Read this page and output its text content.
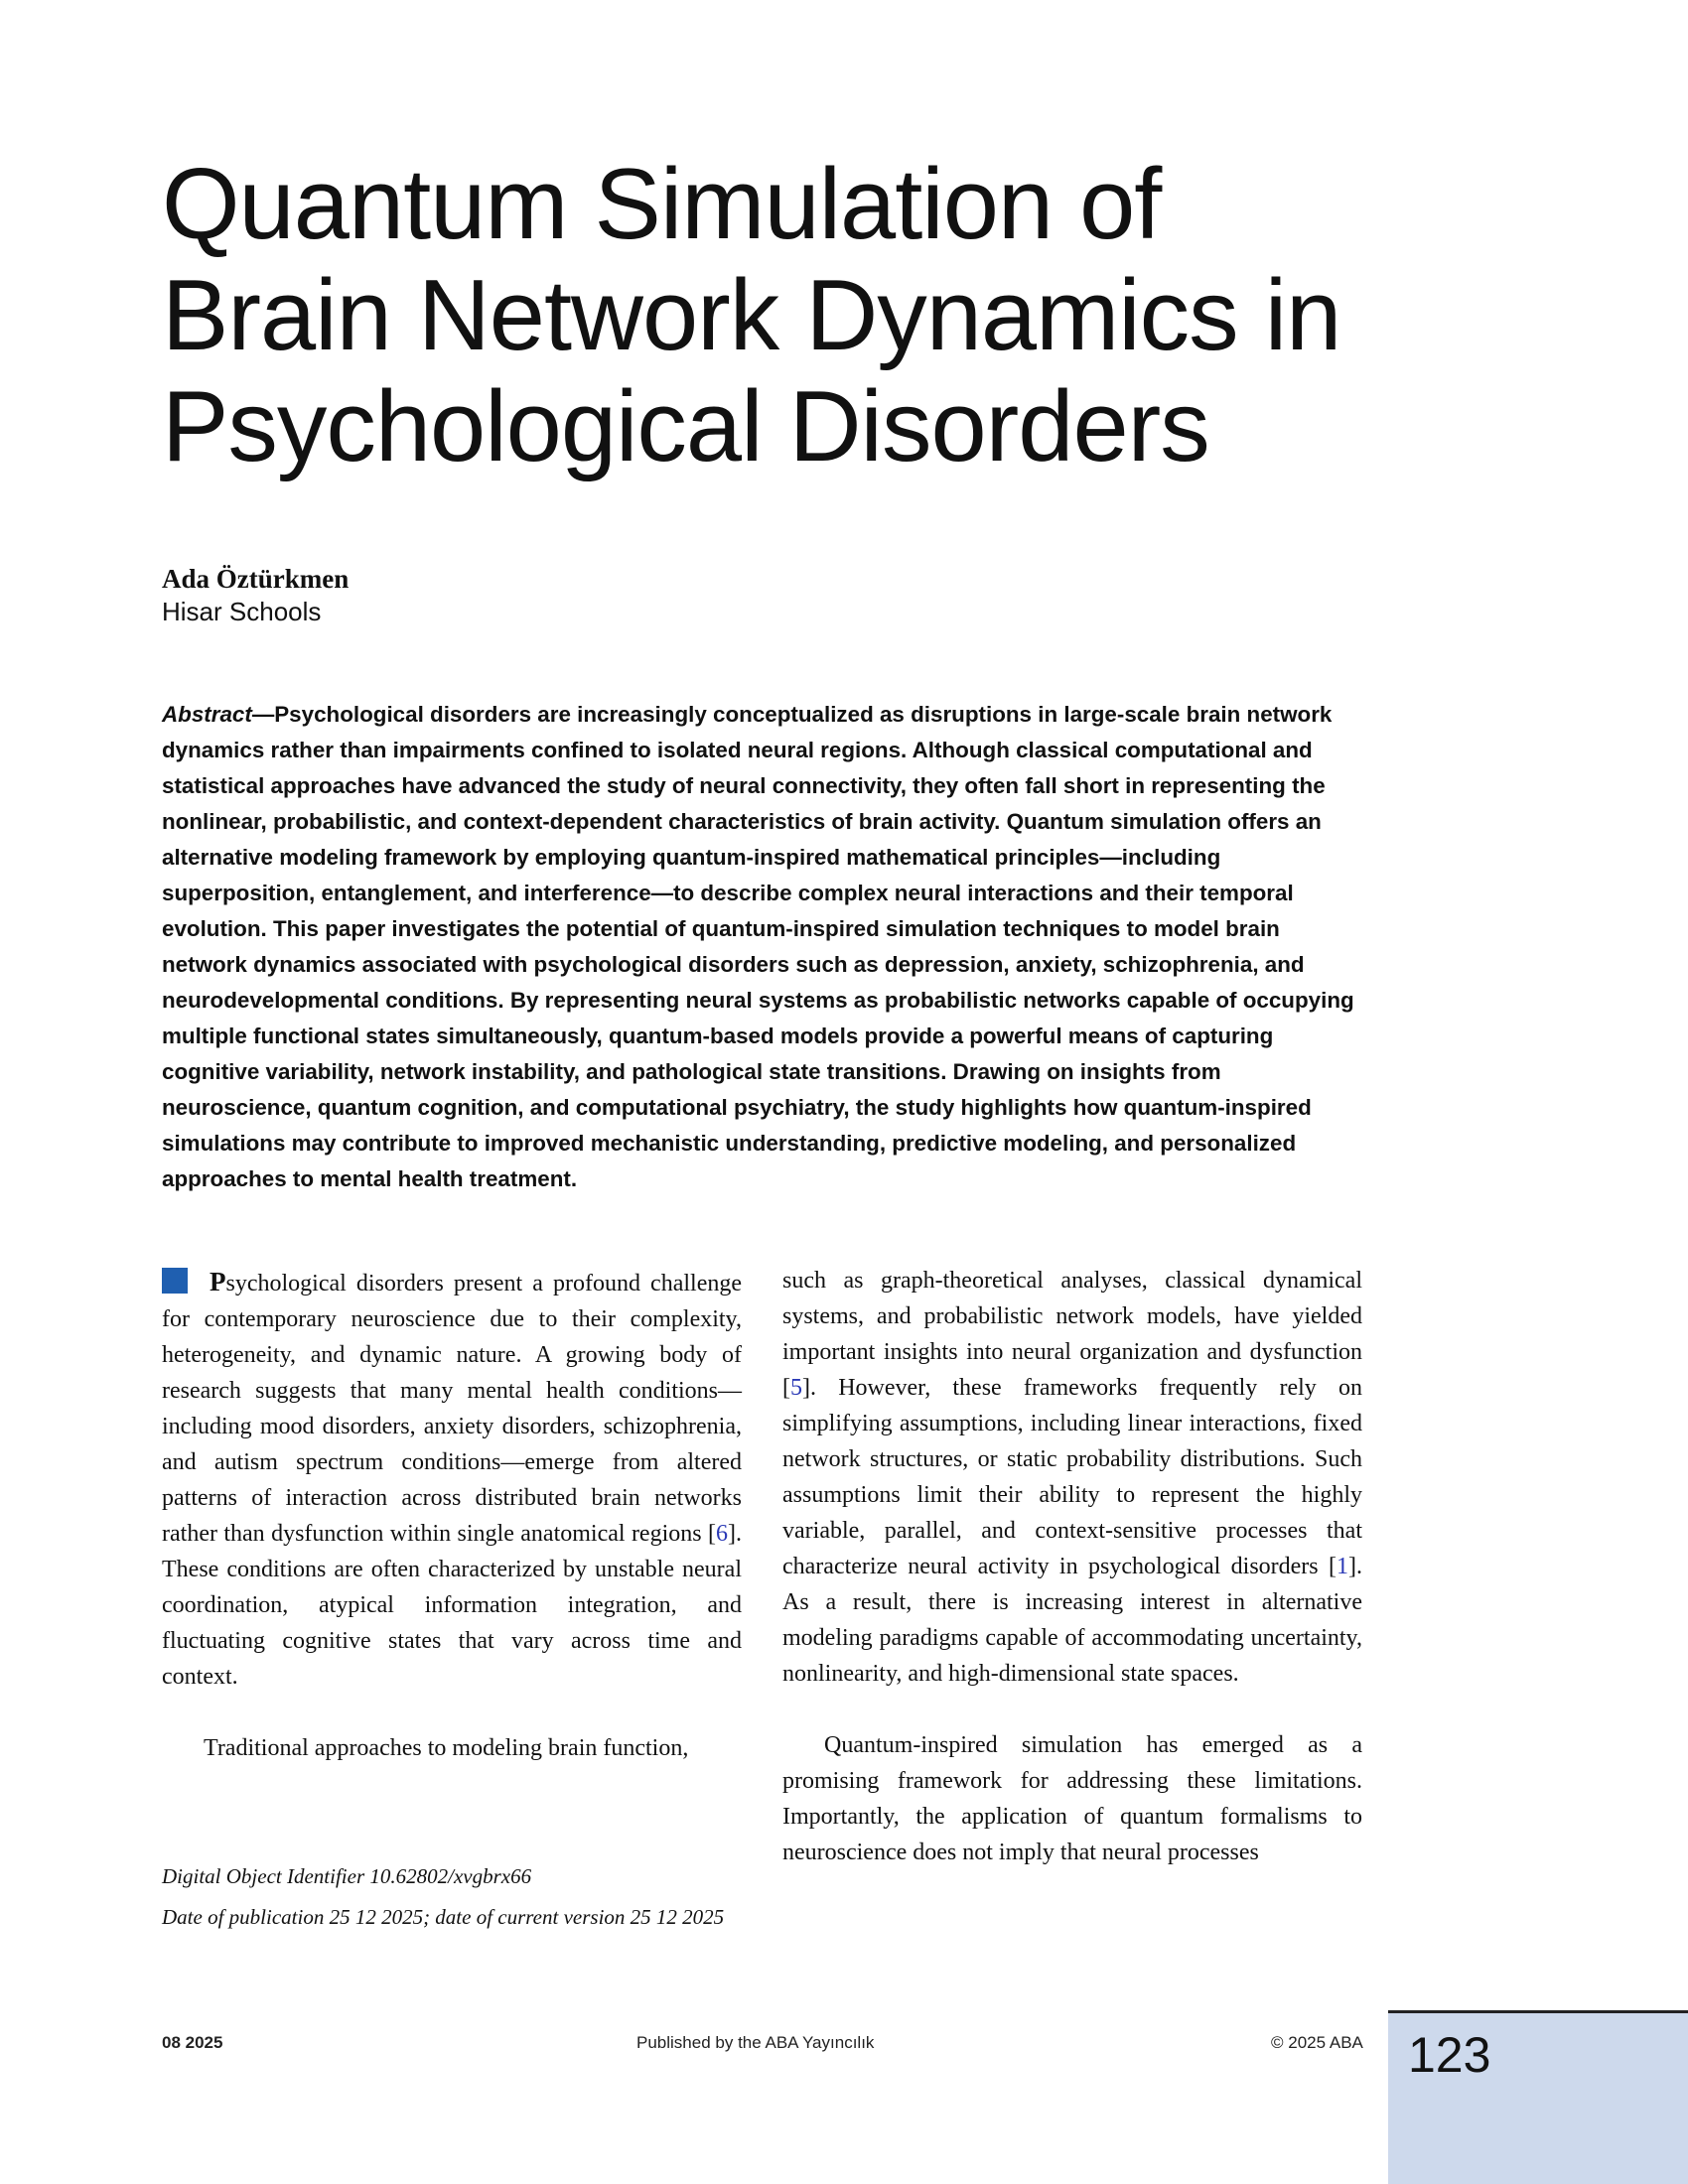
Quantum Simulation of
Brain Network Dynamics in
Psychological Disorders
Ada Öztürkmen
Hisar Schools

Abstract—Psychological disorders are increasingly conceptualized as disruptions in large-scale brain network dynamics rather than impairments confined to isolated neural regions. Although classical computational and statistical approaches have advanced the study of neural connectivity, they often fall short in representing the nonlinear, probabilistic, and context-dependent characteristics of brain activity. Quantum simulation offers an alternative modeling framework by employing quantum-inspired mathematical principles—including superposition, entanglement, and interference—to describe complex neural interactions and their temporal evolution. This paper investigates the potential of quantum-inspired simulation techniques to model brain network dynamics associated with psychological disorders such as depression, anxiety, schizophrenia, and neurodevelopmental conditions. By representing neural systems as probabilistic networks capable of occupying multiple functional states simultaneously, quantum-based models provide a powerful means of capturing cognitive variability, network instability, and pathological state transitions. Drawing on insights from neuroscience, quantum cognition, and computational psychiatry, the study highlights how quantum-inspired simulations may contribute to improved mechanistic understanding, predictive modeling, and personalized approaches to mental health treatment.

Psychological disorders present a profound challenge for contemporary neuroscience due to their complexity, heterogeneity, and dynamic nature. A growing body of research suggests that many mental health conditions—including mood disorders, anxiety disorders, schizophrenia, and autism spectrum conditions—emerge from altered patterns of interaction across distributed brain networks rather than dysfunction within single anatomical regions [6]. These conditions are often characterized by unstable neural coordination, atypical information integration, and fluctuating cognitive states that vary across time and context.

Traditional approaches to modeling brain function,

Digital Object Identifier 10.62802/xvgbrx66

Date of publication 25 12 2025; date of current version 25 12 2025

such as graph-theoretical analyses, classical dynamical systems, and probabilistic network models, have yielded important insights into neural organization and dysfunction [5]. However, these frameworks frequently rely on simplifying assumptions, including linear interactions, fixed network structures, or static probability distributions. Such assumptions limit their ability to represent the highly variable, parallel, and context-sensitive processes that characterize neural activity in psychological disorders [1]. As a result, there is increasing interest in alternative modeling paradigms capable of accommodating uncertainty, nonlinearity, and high-dimensional state spaces.

Quantum-inspired simulation has emerged as a promising framework for addressing these limitations. Importantly, the application of quantum formalisms to neuroscience does not imply that neural processes

08 2025	Published by the ABA Yayıncılık	© 2025 ABA 123
